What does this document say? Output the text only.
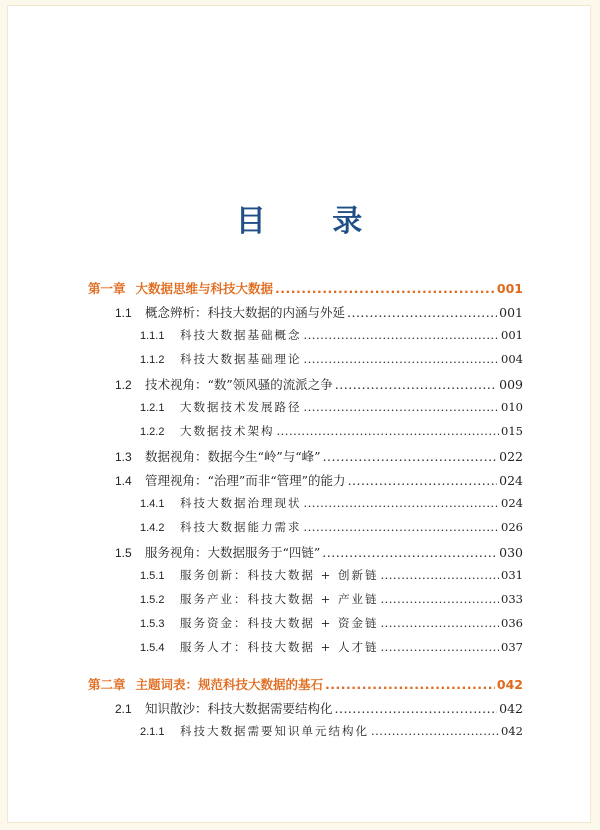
目 录
第一章 大数据思维与科技大数据 .....	001
1.1	概念辨析：科技大数据的内涵与外延 .....	001
1.1.1	科技大数据基础概念 .....	001
1.1.2	科技大数据基础理论 .....	004
1.2	技术视角：“数”领风骚的流派之争 .....	009
1.2.1	大数据技术发展路径 .....	010
1.2.2	大数据技术架构 .....	015
1.3	数据视角：数据今生“岭”与“峰” .....	022
1.4	管理视角：“治理”而非“管理”的能力 .....	024
1.4.1	科技大数据治理现状 .....	024
1.4.2	科技大数据能力需求 .....	026
1.5	服务视角：大数据服务于“四链” .....	030
1.5.1	服务创新：科技大数据 + 创新链 .....	031
1.5.2	服务产业：科技大数据 + 产业链 .....	033
1.5.3	服务资金：科技大数据 + 资金链 .....	036
1.5.4	服务人才：科技大数据 + 人才链 .....	037
第二章 主题词表：规范科技大数据的基石 .....	042
2.1	知识散沙：科技大数据需要结构化 .....	042
2.1.1	科技大数据需要知识单元结构化 .....	042
